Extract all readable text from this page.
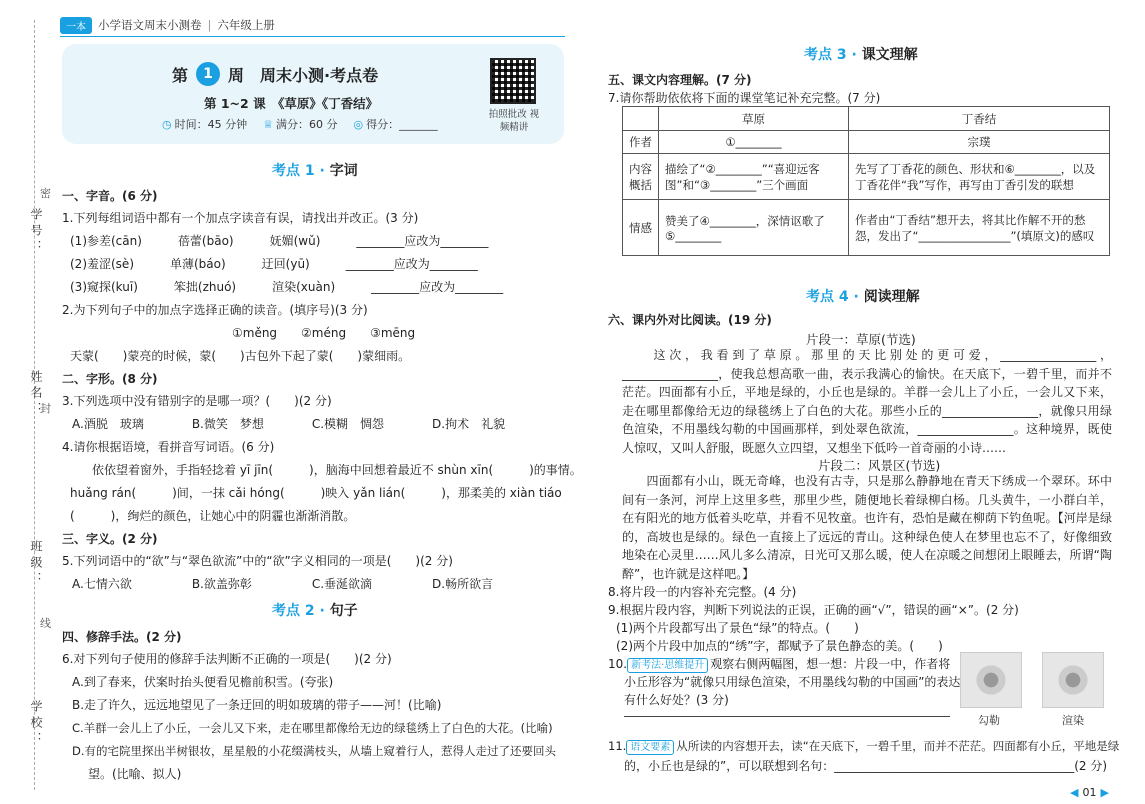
学号：
姓名：
班级：
学校：
密
封
线
一本	小学语文周末小测卷 | 六年级上册
第	1 周　周末小测·考点卷
第 1~2 课　《草原》《丁香结》
◷ 时间：45 分钟 ♕ 满分：60 分 ◎ 得分：_______
拍照批改 视频精讲
考点 1 · 字词
一、字音。(6 分)
1.下列每组词语中都有一个加点字读音有误，请找出并改正。(3 分)
(1)参差(cān)　　　蓓蕾(bāo)　　　妩媚(wǔ)　　　________应改为________
(2)羞涩(sè)　　　单薄(báo)　　　迂回(yū)　　　________应改为________
(3)窥探(kuī)　　　笨拙(zhuó)　　　渲染(xuàn)　　　________应改为________
2.为下列句子中的加点字选择正确的读音。(填序号)(3 分)
①měng　　②méng　　③mēng
天蒙(　　)蒙亮的时候，蒙(　　)古包外下起了蒙(　　)蒙细雨。
二、字形。(8 分)
3.下列选项中没有错别字的是哪一项？(　　)(2 分)
A.酒脱　玻璃　　　　B.微笑　梦想　　　　C.模糊　惆怨　　　　D.拘术　礼貌
4.请你根据语境，看拼音写词语。(6 分)
依依望着窗外，手指轻捻着 yī jīn(　　　)，脑海中回想着最近不 shùn xīn(　　　)的事情。
huǎng rán(　　　)间，一抹 cǎi hóng(　　　)映入 yǎn lián(　　　)，那柔美的 xiàn tiáo
(　　　)，绚烂的颜色，让她心中的阴霾也渐渐消散。
三、字义。(2 分)
5.下列词语中的“欲”与“翠色欲流”中的“欲”字义相同的一项是(　　)(2 分)
A.七情六欲　　　　　B.欲盖弥彰　　　　　C.垂涎欲滴　　　　　D.畅所欲言
考点 2 · 句子
四、修辞手法。(2 分)
6.对下列句子使用的修辞手法判断不正确的一项是(　　)(2 分)
A.到了春来，伏案时抬头便看见檐前积雪。(夸张)
B.走了许久，远远地望见了一条迂回的明如玻璃的带子——河！(比喻)
C.羊群一会儿上了小丘，一会儿又下来，走在哪里都像给无边的绿毯绣上了白色的大花。(比喻)
D.有的宅院里探出半树银妆，星星般的小花缀满枝头，从墙上窥着行人，惹得人走过了还要回头
望。(比喻、拟人)
考点 3 · 课文理解
五、课文内容理解。(7 分)
7.请你帮助依依将下面的课堂笔记补充完整。(7 分)
	草原	丁香结
作者	①________	宗璞
内容概括	描绘了“②________”“喜迎远客图”和“③________”三个画面	先写了丁香花的颜色、形状和⑥________，以及丁香花伴“我”写作，再写由丁香引发的联想
情感	赞美了④________，深情讴歌了⑤________	作者由“丁香结”想开去，将其比作解不开的愁怨，发出了“________________”(填原文)的感叹
考点 4 · 阅读理解
六、课内外对比阅读。(19 分)
片段一：草原(节选)
　　这次，我看到了草原。那里的天比别处的更可爱，________________，________________，使我总想高歌一曲，表示我满心的愉快。在天底下，一碧千里，而并不茫茫。四面都有小丘，平地是绿的，小丘也是绿的。羊群一会儿上了小丘，一会儿又下来，走在哪里都像给无边的绿毯绣上了白色的大花。那些小丘的________________，就像只用绿色渲染，不用墨线勾勒的中国画那样，到处翠色欲流，________________。这种境界，既使人惊叹，又叫人舒服，既愿久立四望，又想坐下低吟一首奇丽的小诗……
片段二：风景区(节选)
　　四面都有小山，既无奇峰，也没有古寺，只是那么静静地在青天下绣成一个翠环。环中间有一条河，河岸上这里多些，那里少些，随便地长着绿柳白杨。几头黄牛，一小群白羊，在有阳光的地方低着头吃草，并看不见牧童。也许有，恐怕是藏在柳荫下钓鱼呢。【河岸是绿的，高坡也是绿的。绿色一直接上了远远的青山。这种绿色使人在梦里也忘不了，好像细致地染在心灵里……风儿多么清凉，日光可又那么暖，使人在凉暖之间想闭上眼睡去，所谓“陶醉”，也许就是这样吧。】
8.将片段一的内容补充完整。(4 分)
9.根据片段内容，判断下列说法的正误，正确的画“√”，错误的画“×”。(2 分)
(1)两个片段都写出了景色“绿”的特点。(　　)
(2)两个片段中加点的“绣”字，都赋予了景色静态的美。(　　)
10. 新考法·思维提升 观察右侧两幅图，想一想：片段一中，作者将
小丘形容为“就像只用绿色渲染，不用墨线勾勒的中国画”的表达
有什么好处？(3 分)
勾勒	渲染
11. 语文要素 从所读的内容想开去，读“在天底下，一碧千里，而并不茫茫。四面都有小丘，平地是绿
的，小丘也是绿的”，可以联想到名句：________________________________________(2 分)
◀ 01 ▶
